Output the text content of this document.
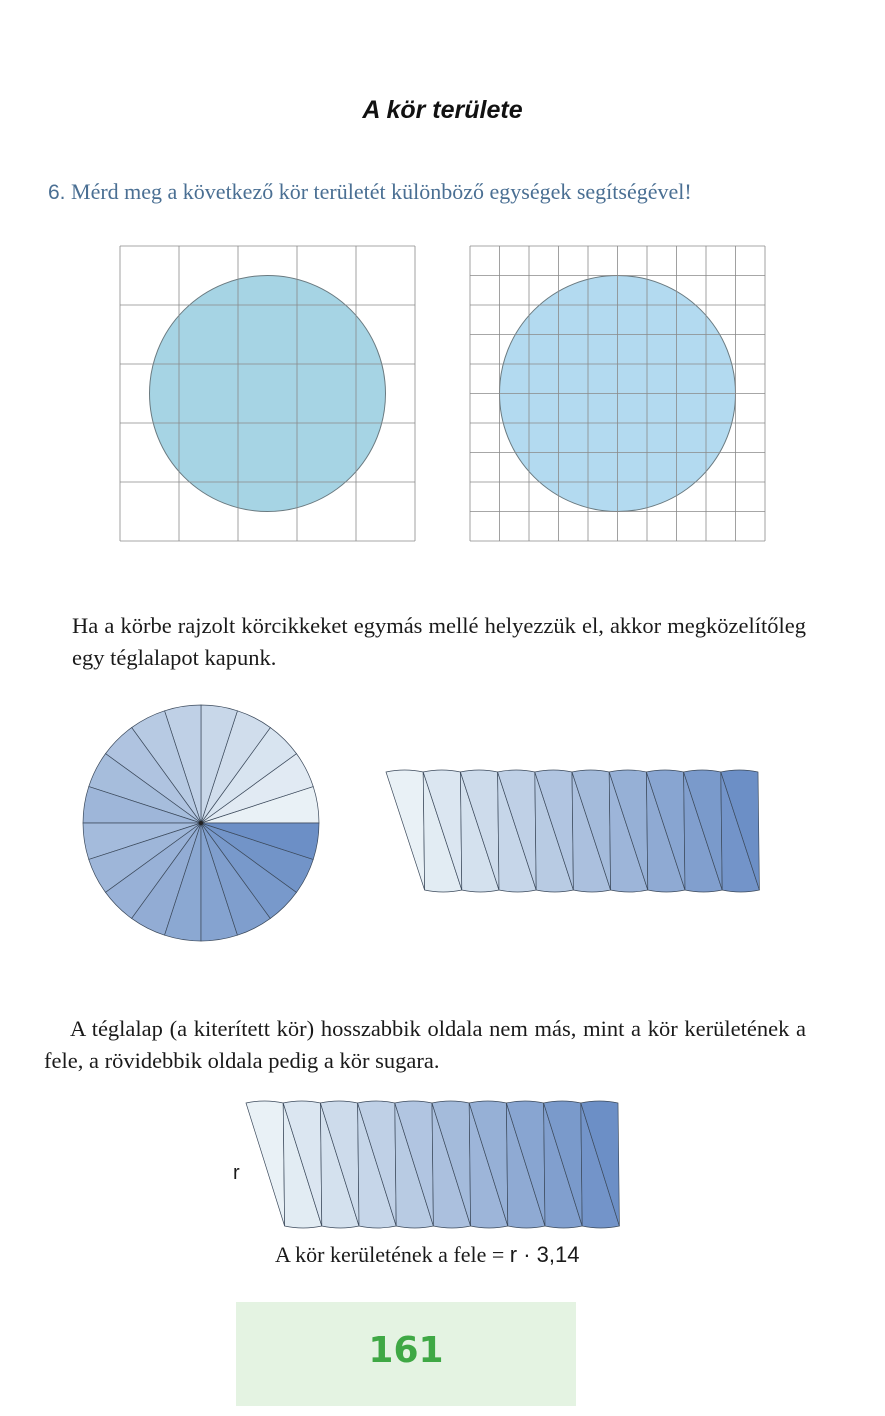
A kör területe
6. Mérd meg a következő kör területét különböző egységek segítségével!
Ha a körbe rajzolt körcikkeket egymás mellé helyezzük el, akkor megközelítőleg egy téglalapot kapunk.
A téglalap (a kiterített kör) hosszabbik oldala nem más, mint a kör kerületének a fele, a rövidebbik oldala pedig a kör sugara.
r
A kör kerületének a fele = r · 3,14
161
